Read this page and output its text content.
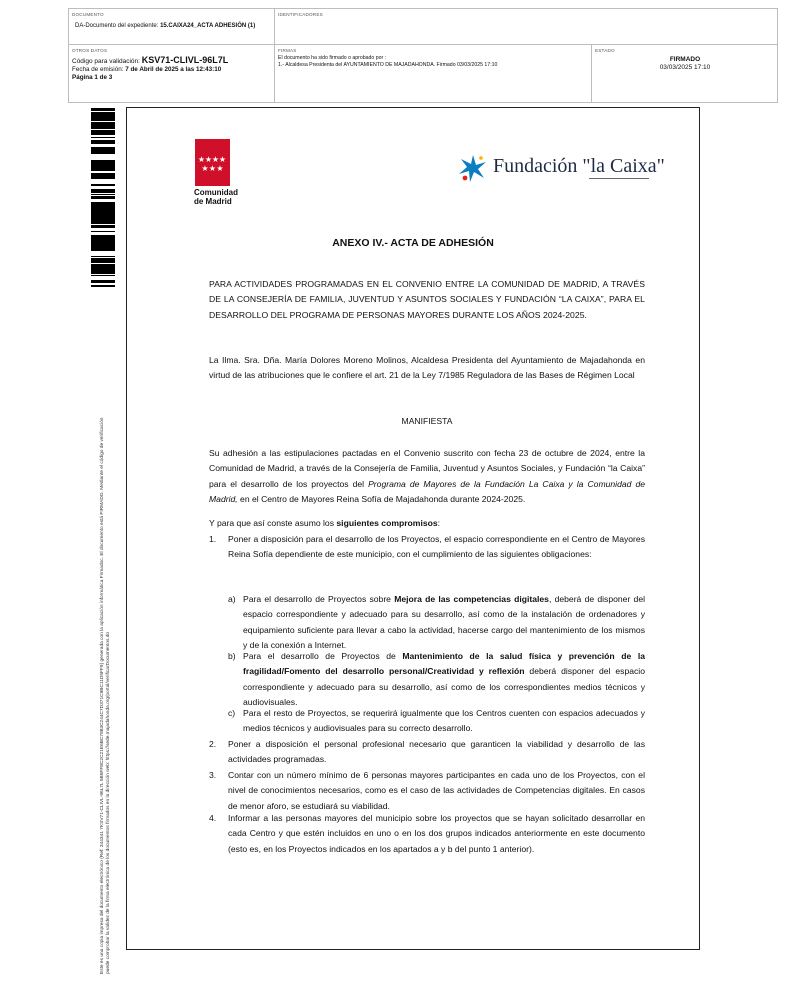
DOCUMENTO
DA-Documento del expediente: 15.CAIXA24_ACTA ADHESIÓN (1)
IDENTIFICADORES
OTROS DATOS
Código para validación: KSV71-CLIVL-96L7L
Fecha de emisión: 7 de Abril de 2025 a las 12:43:10
Página 1 de 3
FIRMAS
El documento ha sido firmado o aprobado por :
1.- Alcaldesa Presidenta del AYUNTAMIENTO DE MAJADAHONDA. Firmado 03/03/2025 17:10
ESTADO
FIRMADO
03/03/2025 17:10
Este es una copia impresa del documento electrónico (Ref: 344341 7KSV71-CLIVL-96L7L 5B5FF8C2C21E6BC7883C244C7D371C9BC11D5FF9) generada con la aplicación informática Firmadoc. El documento está FIRMADO. Mediante el código de verificación puede comprobar la validez de la firma electrónica de los documentos firmados en la dirección web: https://sede.majadahonda.org/portal/verificarDocumentos.do
★ ★ ★ ★
★ ★ ★
Comunidad
de Madrid
Fundación "la Caixa"
ANEXO IV.- ACTA DE ADHESIÓN
PARA ACTIVIDADES PROGRAMADAS EN EL CONVENIO ENTRE LA COMUNIDAD DE MADRID, A TRAVÉS
DE LA CONSEJERÍA DE FAMILIA, JUVENTUD Y ASUNTOS SOCIALES Y FUNDACIÓN “LA CAIXA”, PARA EL
DESARROLLO DEL PROGRAMA DE PERSONAS MAYORES DURANTE LOS AÑOS 2024-2025.
La Ilma. Sra. Dña. María Dolores Moreno Molinos, Alcaldesa Presidenta del Ayuntamiento de Majadahonda en virtud de las atribuciones que le confiere el art. 21 de la Ley 7/1985 Reguladora de las Bases de Régimen Local
MANIFIESTA
Su adhesión a las estipulaciones pactadas en el Convenio suscrito con fecha 23 de octubre de 2024, entre la Comunidad de Madrid, a través de la Consejería de Familia, Juventud y Asuntos Sociales, y Fundación “la Caixa” para el desarrollo de los proyectos del Programa de Mayores de la Fundación La Caixa y la Comunidad de Madrid, en el Centro de Mayores Reina Sofía de Majadahonda durante 2024-2025.
Y para que así conste asumo los siguientes compromisos:
1. Poner a disposición para el desarrollo de los Proyectos, el espacio correspondiente en el Centro de Mayores Reina Sofía dependiente de este municipio, con el cumplimiento de las siguientes obligaciones:
a) Para el desarrollo de Proyectos sobre Mejora de las competencias digitales, deberá de disponer del espacio correspondiente y adecuado para su desarrollo, así como de la instalación de ordenadores y equipamiento suficiente para llevar a cabo la actividad, hacerse cargo del mantenimiento de los mismos y de la conexión a Internet.
b) Para el desarrollo de Proyectos de Mantenimiento de la salud física y prevención de la fragilidad/Fomento del desarrollo personal/Creatividad y reflexión deberá disponer del espacio correspondiente y adecuado para su desarrollo, así como de los correspondientes medios técnicos y audiovisuales.
c) Para el resto de Proyectos, se requerirá igualmente que los Centros cuenten con espacios adecuados y medios técnicos y audiovisuales para su correcto desarrollo.
2. Poner a disposición el personal profesional necesario que garanticen la viabilidad y desarrollo de las actividades programadas.
3. Contar con un número mínimo de 6 personas mayores participantes en cada uno de los Proyectos, con el nivel de conocimientos necesarios, como es el caso de las actividades de Competencias digitales. En casos de menor aforo, se estudiará su viabilidad.
4. Informar a las personas mayores del municipio sobre los proyectos que se hayan solicitado desarrollar en cada Centro y que estén incluidos en uno o en los dos grupos indicados anteriormente en este documento (esto es, en los Proyectos indicados en los apartados a y b del punto 1 anterior).
